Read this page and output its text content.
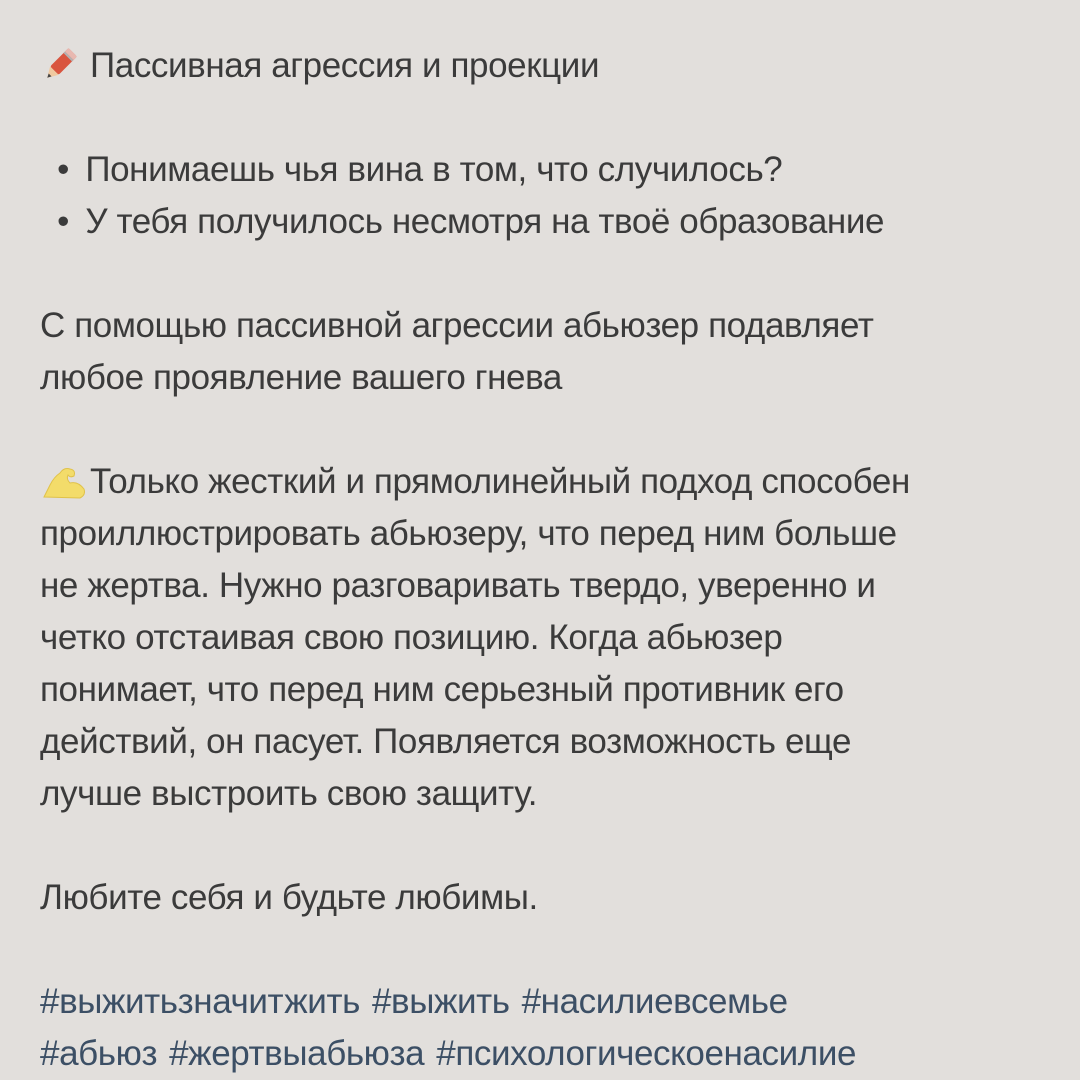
Пассивная агрессия и проекции
• Понимаешь чья вина в том, что случилось?
• У тебя получилось несмотря на твоё образование
С помощью пассивной агрессии абьюзер подавляет
любое проявление вашего гнева
Только жесткий и прямолинейный подход способен
проиллюстрировать абьюзеру, что перед ним больше
не жертва. Нужно разговаривать твердо, уверенно и
четко отстаивая свою позицию. Когда абьюзер
понимает, что перед ним серьезный противник его
действий, он пасует. Появляется возможность еще
лучше выстроить свою защиту.
Любите себя и будьте любимы.
#выжитьзначитжить #выжить #насилиевсемье
#абьюз #жертвыабьюза #психологическоенасилие
